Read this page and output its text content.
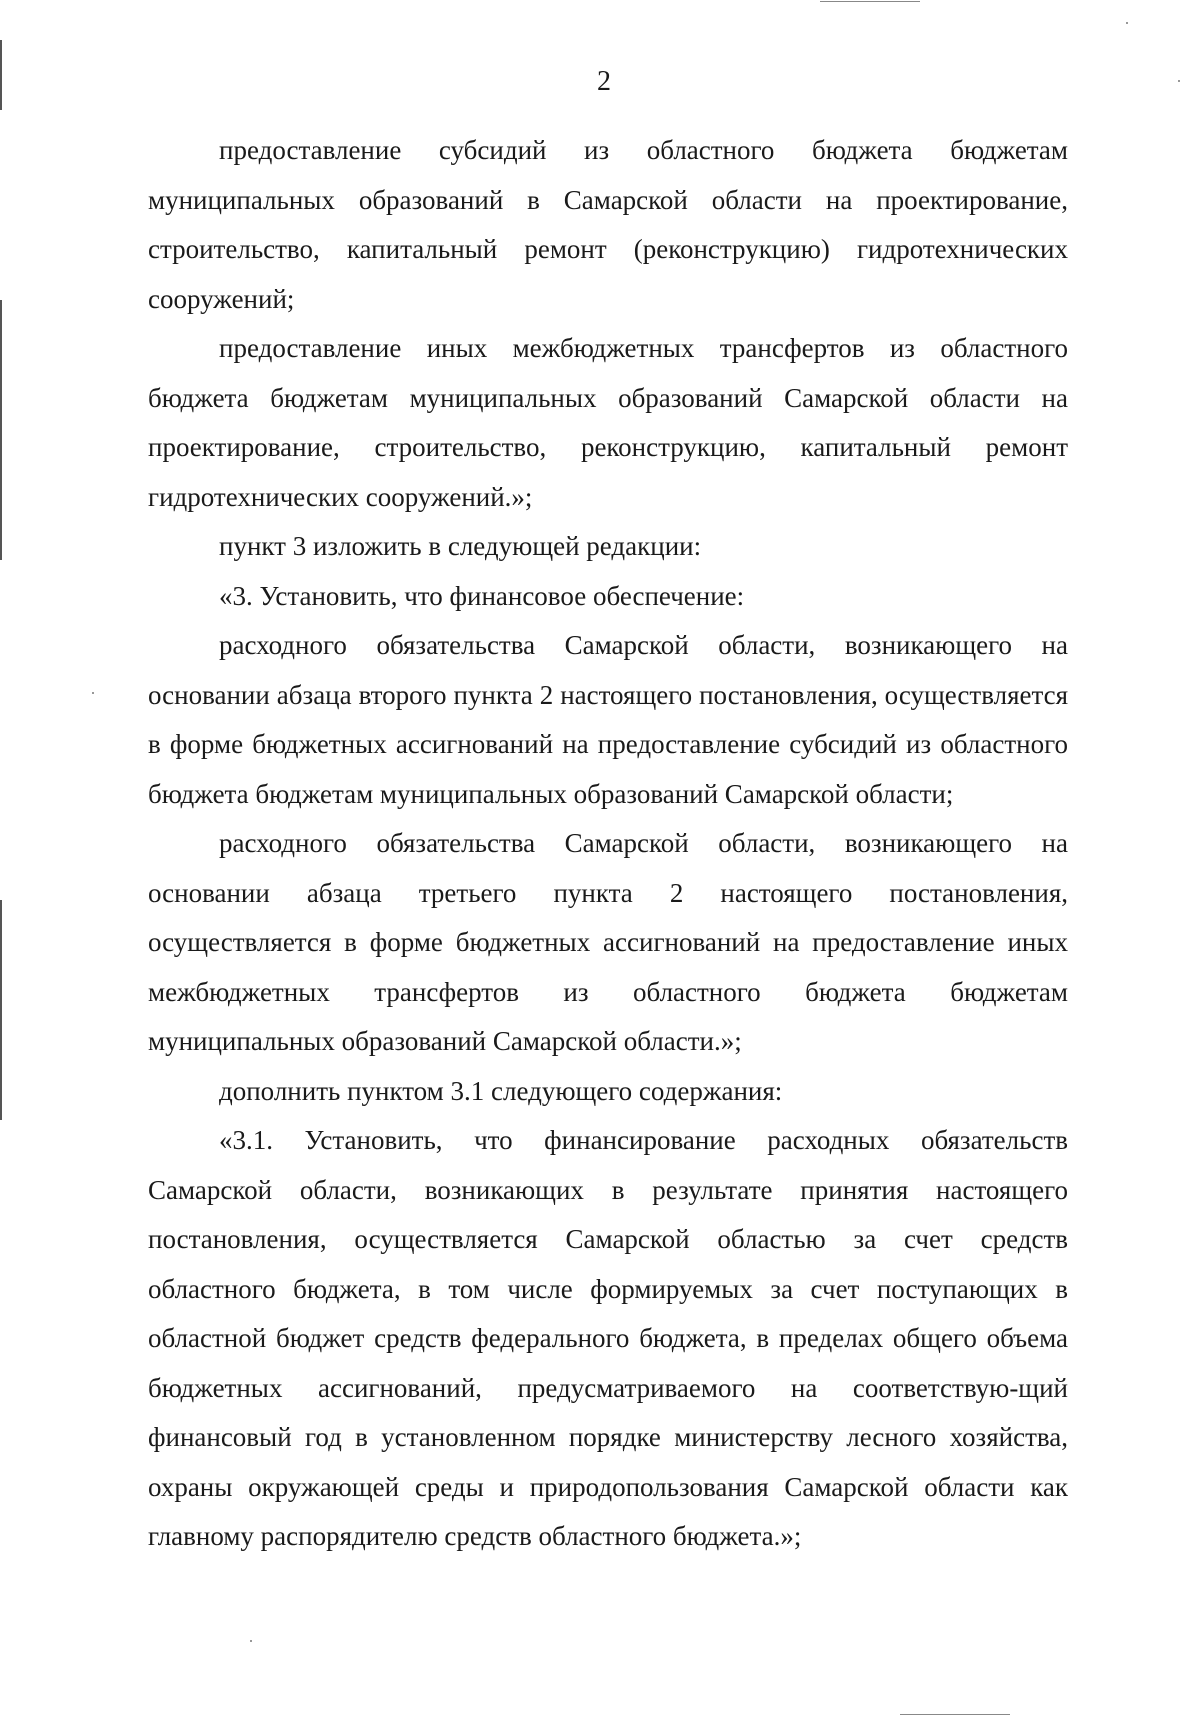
2

предоставление субсидий из областного бюджета бюджетам муниципальных образований в Самарской области на проектирование, строительство, капитальный ремонт (реконструкцию) гидротехнических сооружений;

предоставление иных межбюджетных трансфертов из областного бюджета бюджетам муниципальных образований Самарской области на проектирование, строительство, реконструкцию, капитальный ремонт гидротехнических сооружений.»;

пункт 3 изложить в следующей редакции:

«3. Установить, что финансовое обеспечение:

расходного обязательства Самарской области, возникающего на основании абзаца второго пункта 2 настоящего постановления, осуществляется в форме бюджетных ассигнований на предоставление субсидий из областного бюджета бюджетам муниципальных образований Самарской области;

расходного обязательства Самарской области, возникающего на основании абзаца третьего пункта 2 настоящего постановления, осуществляется в форме бюджетных ассигнований на предоставление иных межбюджетных трансфертов из областного бюджета бюджетам муниципальных образований Самарской области.»;

дополнить пунктом 3.1 следующего содержания:

«3.1. Установить, что финансирование расходных обязательств Самарской области, возникающих в результате принятия настоящего постановления, осуществляется Самарской областью за счет средств областного бюджета, в том числе формируемых за счет поступающих в областной бюджет средств федерального бюджета, в пределах общего объема бюджетных ассигнований, предусматриваемого на соответствую-щий финансовый год в установленном порядке министерству лесного хозяйства, охраны окружающей среды и природопользования Самарской области как главному распорядителю средств областного бюджета.»;
